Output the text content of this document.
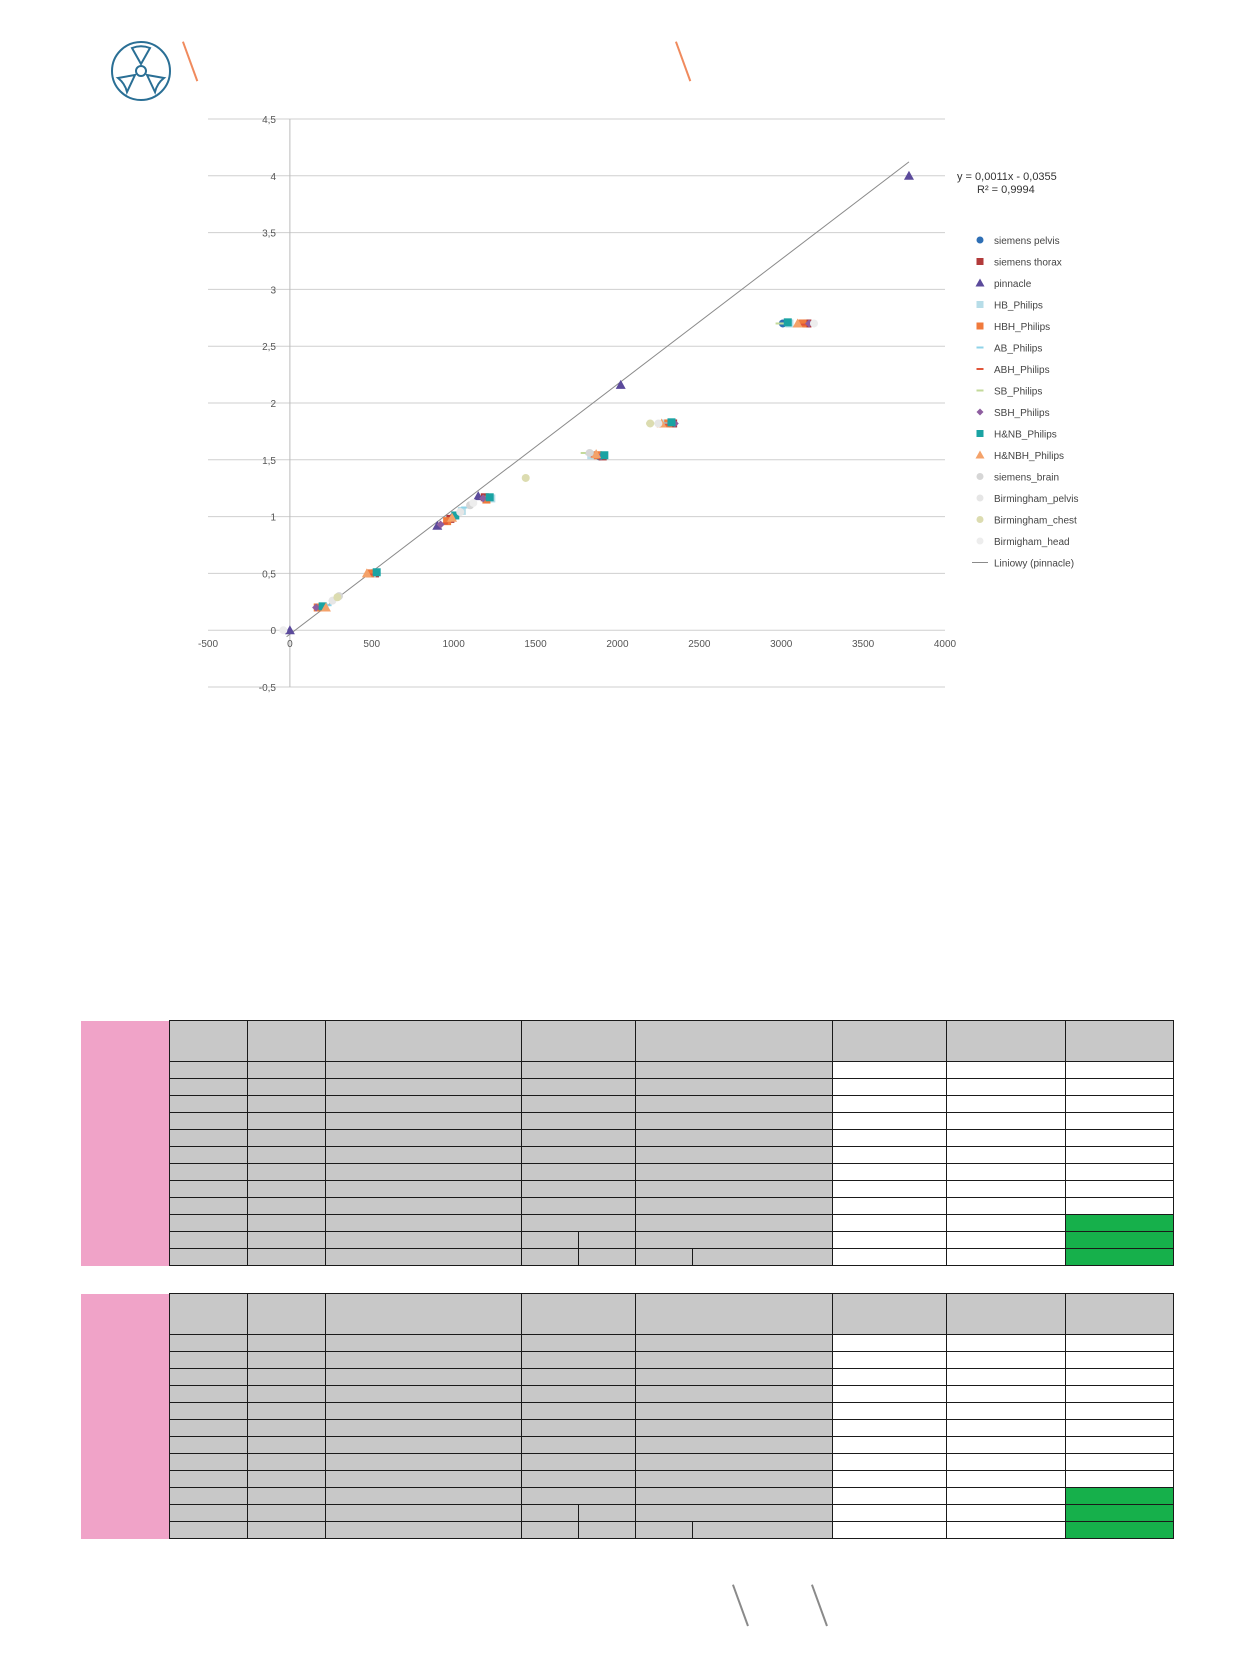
4,5
4
3,5
3
2,5
2
1,5
1
0,5
0
-0,5
-500	0	500	1000	1500	2000	2500	3000	3500	4000
siemens pelvis
siemens thorax
pinnacle
HB_Philips
HBH_Philips
AB_Philips
ABH_Philips
SB_Philips
SBH_Philips
H&NB_Philips
H&NBH_Philips
siemens_brain
Birmingham_pelvis
Birmingham_chest
Birmigham_head
Liniowy (pinnacle)
y = 0,0011x - 0,0355
R² = 0,9994
